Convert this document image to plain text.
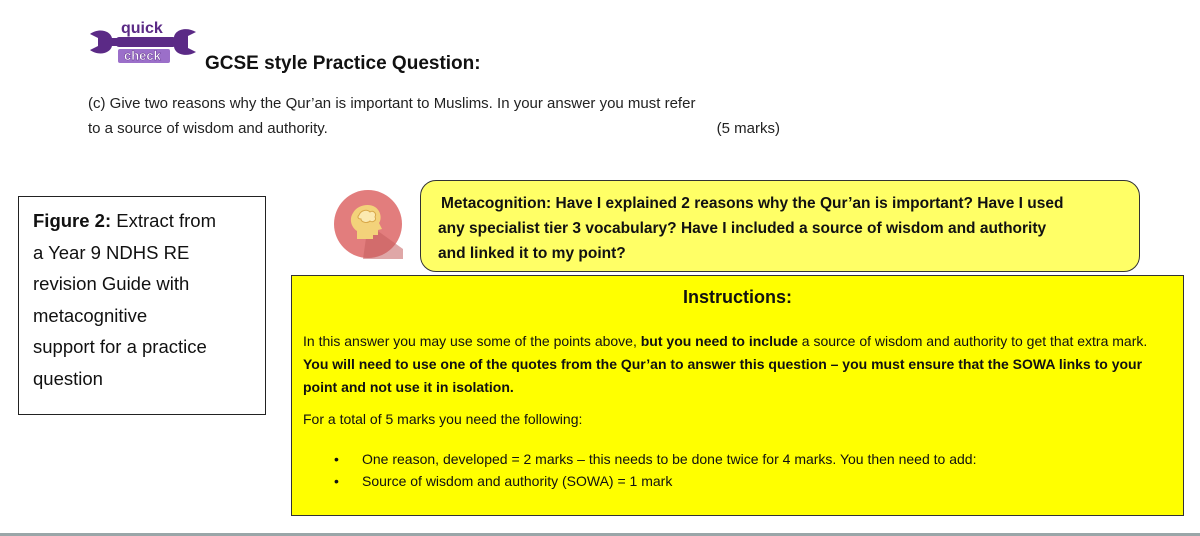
quick
check GCSE style Practice Question:
(c) Give two reasons why the Qur’an is important to Muslims. In your answer you must refer
to a source of wisdom and authority.	(5 marks)
Figure 2: Extract from
a Year 9 NDHS RE
revision Guide with
metacognitive
support for a practice
question
Metacognition: Have I explained 2 reasons why the Qur’an is important? Have I used
any specialist tier 3 vocabulary? Have I included a source of wisdom and authority
and linked it to my point?
Instructions:
In this answer you may use some of the points above, but you need to include a source of wisdom and authority to get that extra mark. You will need to use one of the quotes from the Qur’an to answer this question – you must ensure that the SOWA links to your point and not use it in isolation.
For a total of 5 marks you need the following:
• One reason, developed = 2 marks – this needs to be done twice for 4 marks. You then need to add:
• Source of wisdom and authority (SOWA) = 1 mark
